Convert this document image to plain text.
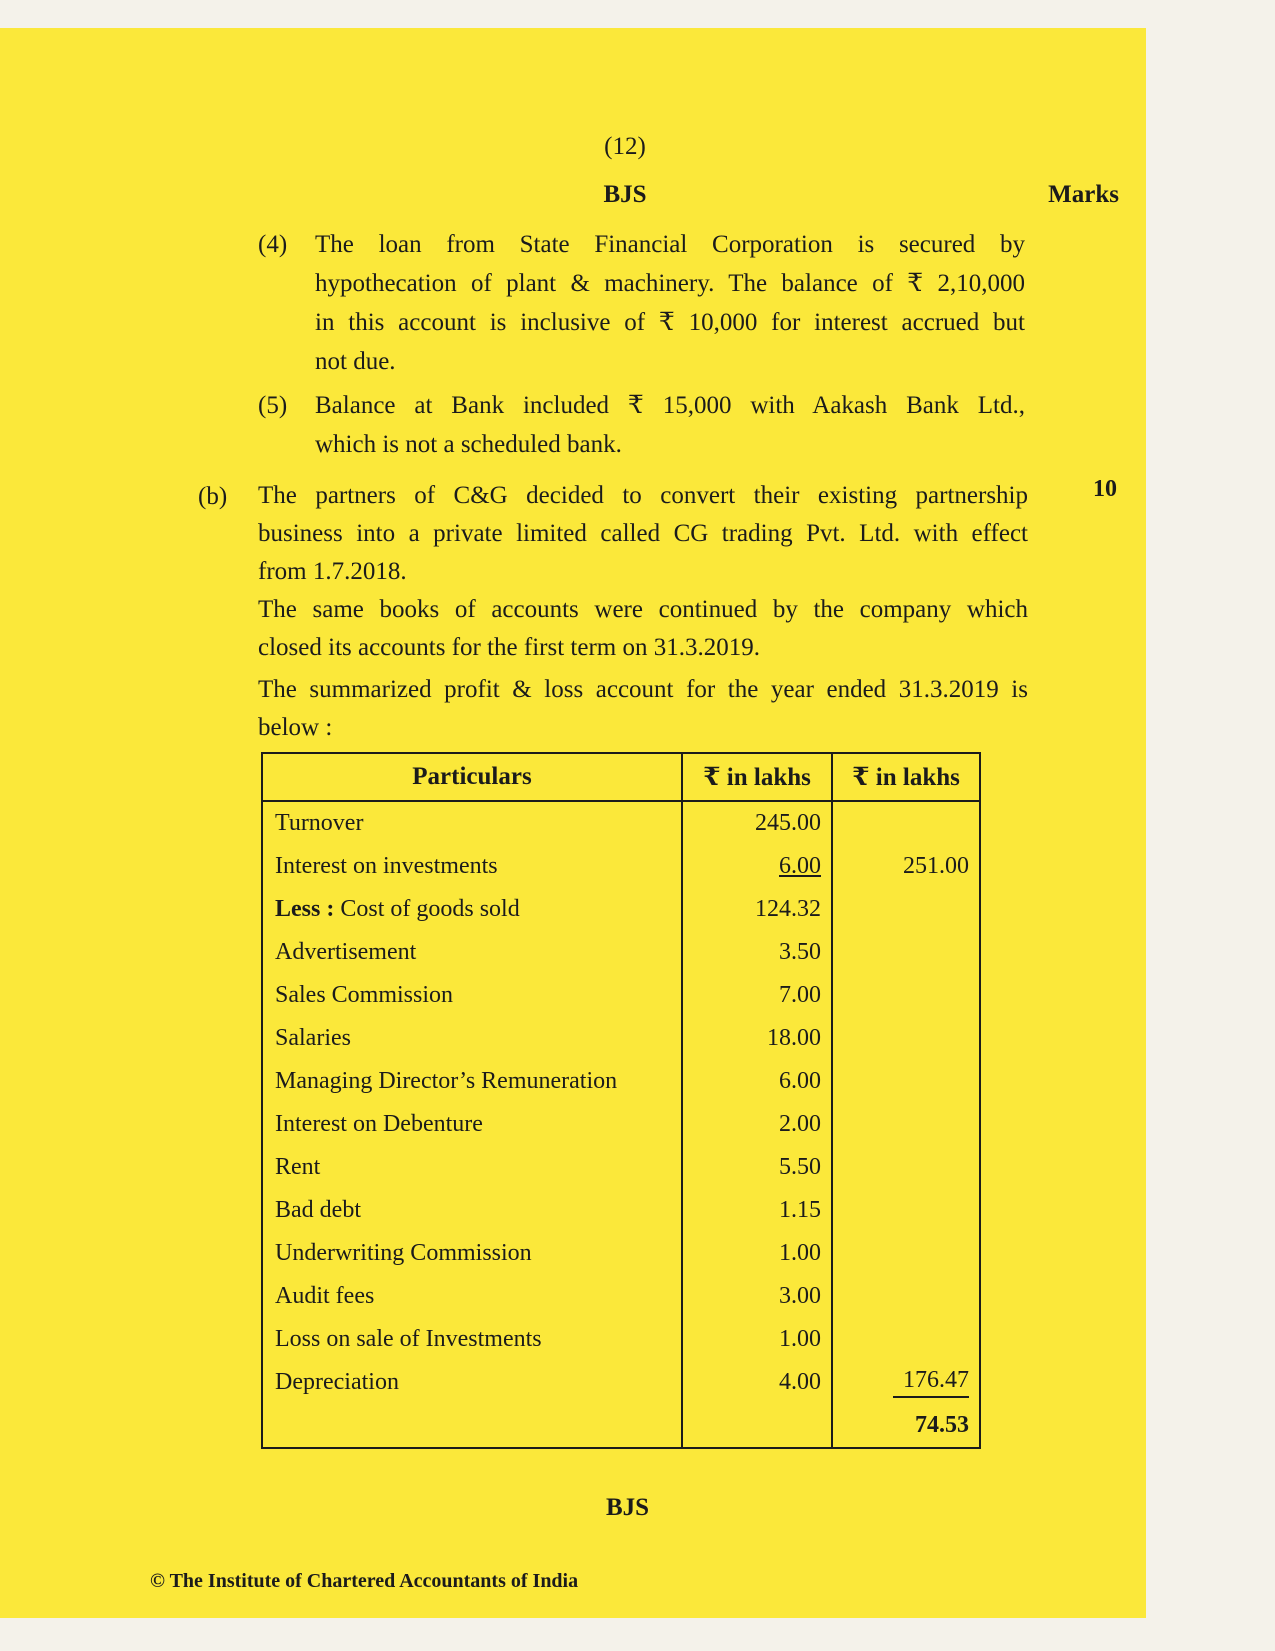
(12)
BJS	Marks
(4) The loan from State Financial Corporation is secured by
hypothecation of plant & machinery. The balance of ₹ 2,10,000
in this account is inclusive of ₹ 10,000 for interest accrued but
not due.
(5) Balance at Bank included ₹ 15,000 with Aakash Bank Ltd.,
which is not a scheduled bank.
(b)	10
The partners of C&G decided to convert their existing partnership
business into a private limited called CG trading Pvt. Ltd. with effect
from 1.7.2018.
The same books of accounts were continued by the company which
closed its accounts for the first term on 31.3.2019.
The summarized profit & loss account for the year ended 31.3.2019 is
below :
Particulars	₹ in lakhs	₹ in lakhs
Turnover	245.00	
Interest on investments	6.00	251.00
Less : Cost of goods sold	124.32	
Advertisement	3.50	
Sales Commission	7.00	
Salaries	18.00	
Managing Director’s Remuneration	6.00	
Interest on Debenture	2.00	
Rent	5.50	
Bad debt	1.15	
Underwriting Commission	1.00	
Audit fees	3.00	
Loss on sale of Investments	1.00	
Depreciation	4.00	176.47
		74.53
BJS
© The Institute of Chartered Accountants of India
